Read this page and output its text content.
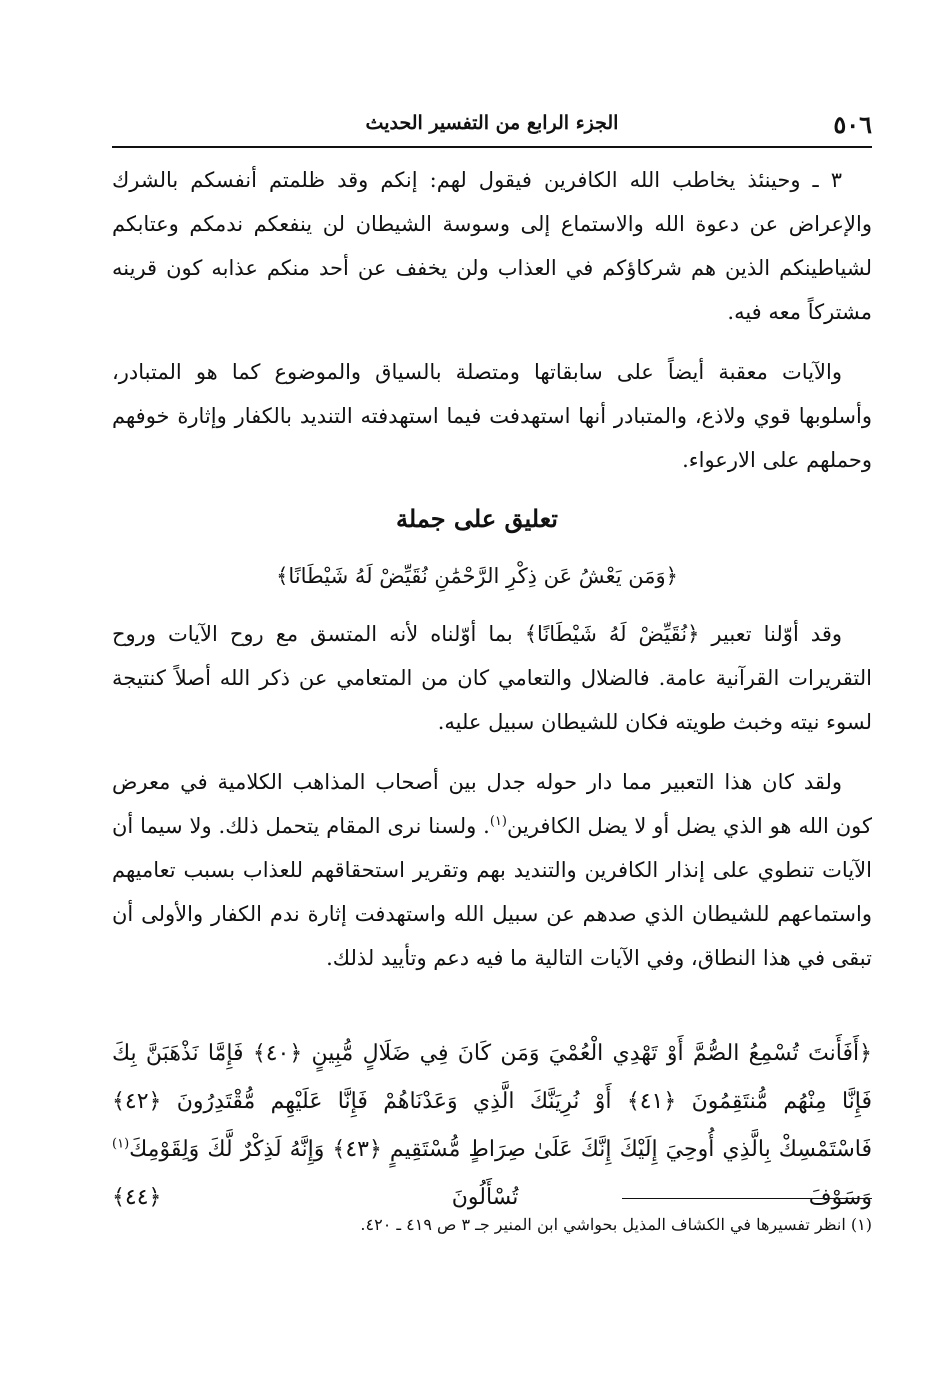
٥٠٦
الجزء الرابع من التفسير الحديث

٣ ـ وحينئذ يخاطب الله الكافرين فيقول لهم: إنكم وقد ظلمتم أنفسكم بالشرك والإعراض عن دعوة الله والاستماع إلى وسوسة الشيطان لن ينفعكم ندمكم وعتابكم لشياطينكم الذين هم شركاؤكم في العذاب ولن يخفف عن أحد منكم عذابه كون قرينه مشتركاً معه فيه.

والآيات معقبة أيضاً على سابقاتها ومتصلة بالسياق والموضوع كما هو المتبادر، وأسلوبها قوي ولاذع، والمتبادر أنها استهدفت فيما استهدفته التنديد بالكفار وإثارة خوفهم وحملهم على الارعواء.

تعليق على جملة

﴿وَمَن يَعْشُ عَن ذِكْرِ الرَّحْمَٰنِ نُقَيِّضْ لَهُ شَيْطَانًا﴾

وقد أوّلنا تعبير ﴿نُقَيِّضْ لَهُ شَيْطَانًا﴾ بما أوّلناه لأنه المتسق مع روح الآيات وروح التقريرات القرآنية عامة. فالضلال والتعامي كان من المتعامي عن ذكر الله أصلاً كنتيجة لسوء نيته وخبث طويته فكان للشيطان سبيل عليه.

ولقد كان هذا التعبير مما دار حوله جدل بين أصحاب المذاهب الكلامية في معرض كون الله هو الذي يضل أو لا يضل الكافرين$^{(١)}$. ولسنا نرى المقام يتحمل ذلك. ولا سيما أن الآيات تنطوي على إنذار الكافرين والتنديد بهم وتقرير استحقاقهم للعذاب بسبب تعاميهم واستماعهم للشيطان الذي صدهم عن سبيل الله واستهدفت إثارة ندم الكفار والأولى أن تبقى في هذا النطاق، وفي الآيات التالية ما فيه دعم وتأييد لذلك.

﴿أَفَأَنتَ تُسْمِعُ الصُّمَّ أَوْ تَهْدِي الْعُمْيَ وَمَن كَانَ فِي ضَلَالٍ مُّبِينٍ ﴿٤٠﴾ فَإِمَّا نَذْهَبَنَّ بِكَ فَإِنَّا مِنْهُم مُّنتَقِمُونَ ﴿٤١﴾ أَوْ نُرِيَنَّكَ الَّذِي وَعَدْنَاهُمْ فَإِنَّا عَلَيْهِم مُّقْتَدِرُونَ ﴿٤٢﴾ فَاسْتَمْسِكْ بِالَّذِي أُوحِيَ إِلَيْكَ إِنَّكَ عَلَىٰ صِرَاطٍ مُّسْتَقِيمٍ ﴿٤٣﴾ وَإِنَّهُ لَذِكْرٌ لَّكَ وَلِقَوْمِكَ$^{(١)}$ وَسَوْفَ تُسْأَلُونَ ﴿٤٤﴾
(١) انظر تفسيرها في الكشاف المذيل بحواشي ابن المنير جـ ٣ ص ٤١٩ ـ ٤٢٠.
